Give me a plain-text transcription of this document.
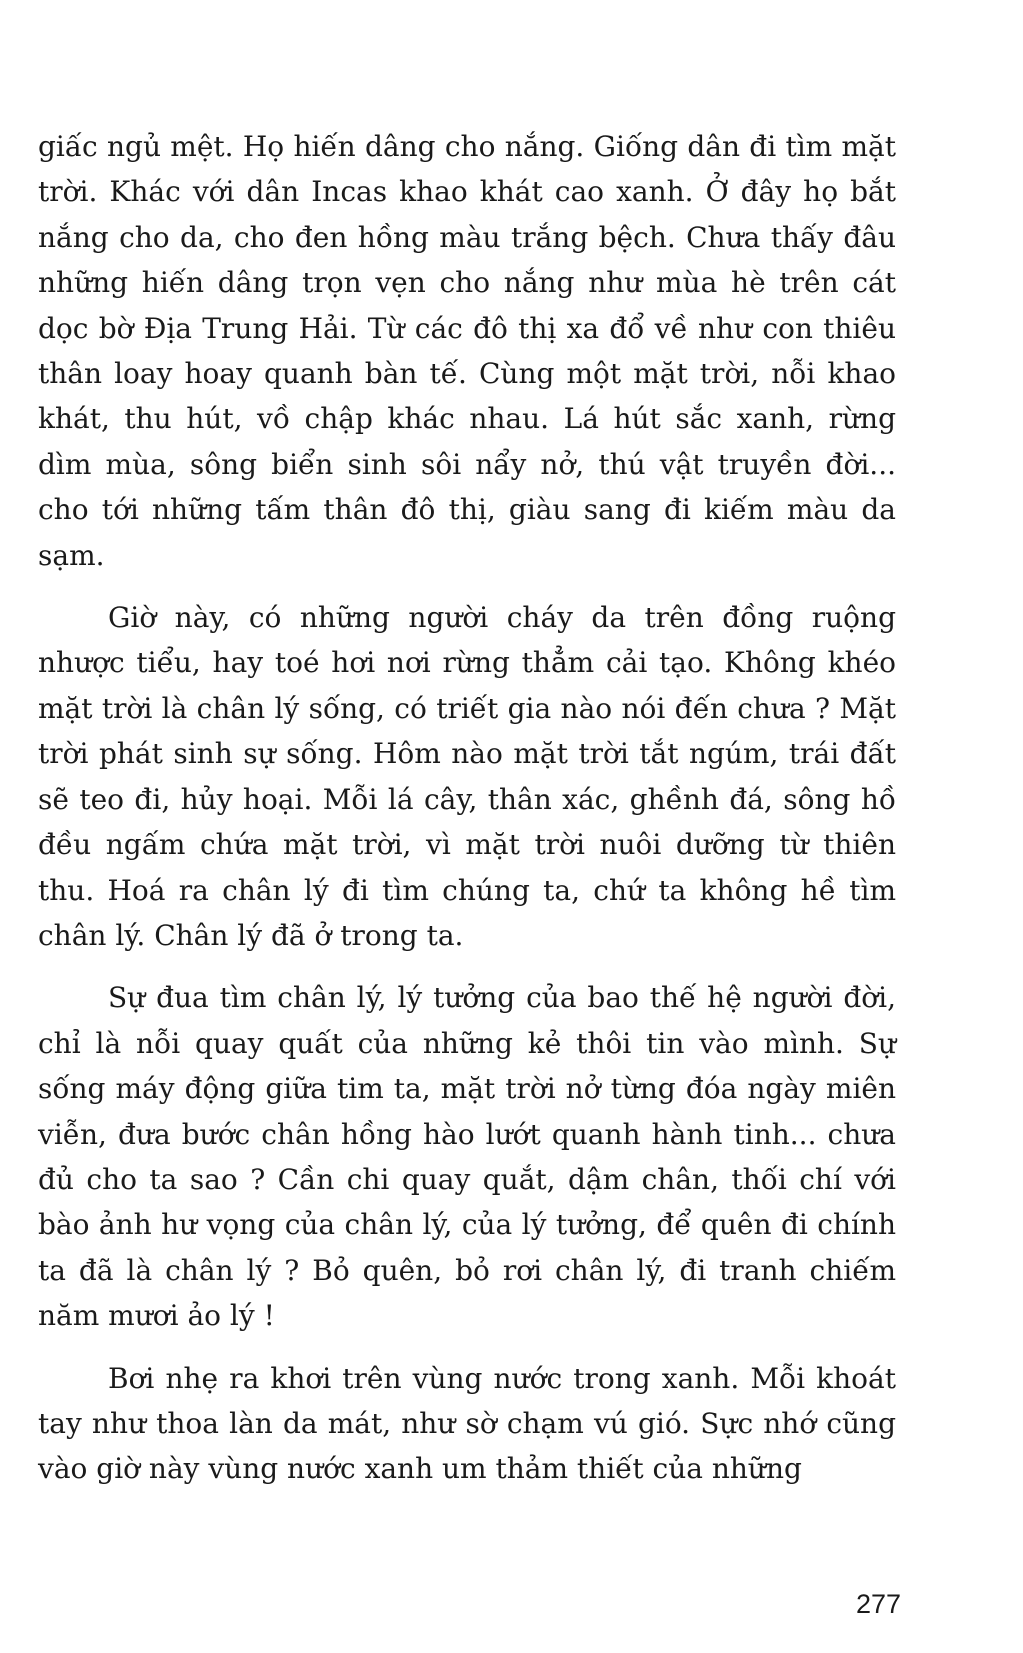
giấc ngủ mệt. Họ hiến dâng cho nắng. Giống dân đi tìm mặt trời. Khác với dân Incas khao khát cao xanh. Ở đây họ bắt nắng cho da, cho đen hồng màu trắng bệch. Chưa thấy đâu những hiến dâng trọn vẹn cho nắng như mùa hè trên cát dọc bờ Địa Trung Hải. Từ các đô thị xa đổ về như con thiêu thân loay hoay quanh bàn tế. Cùng một mặt trời, nỗi khao khát, thu hút, vồ chập khác nhau. Lá hút sắc xanh, rừng dìm mùa, sông biển sinh sôi nẩy nở, thú vật truyền đời... cho tới những tấm thân đô thị, giàu sang đi kiếm màu da sạm.

Giờ này, có những người cháy da trên đồng ruộng nhược tiểu, hay toé hơi nơi rừng thẳm cải tạo. Không khéo mặt trời là chân lý sống, có triết gia nào nói đến chưa ? Mặt trời phát sinh sự sống. Hôm nào mặt trời tắt ngúm, trái đất sẽ teo đi, hủy hoại. Mỗi lá cây, thân xác, ghềnh đá, sông hồ đều ngấm chứa mặt trời, vì mặt trời nuôi dưỡng từ thiên thu. Hoá ra chân lý đi tìm chúng ta, chứ ta không hề tìm chân lý. Chân lý đã ở trong ta.

Sự đua tìm chân lý, lý tưởng của bao thế hệ người đời, chỉ là nỗi quay quất của những kẻ thôi tin vào mình. Sự sống máy động giữa tim ta, mặt trời nở từng đóa ngày miên viễn, đưa bước chân hồng hào lướt quanh hành tinh... chưa đủ cho ta sao ? Cần chi quay quắt, dậm chân, thối chí với bào ảnh hư vọng của chân lý, của lý tưởng, để quên đi chính ta đã là chân lý ? Bỏ quên, bỏ rơi chân lý, đi tranh chiếm năm mươi ảo lý !

Bơi nhẹ ra khơi trên vùng nước trong xanh. Mỗi khoát tay như thoa làn da mát, như sờ chạm vú gió. Sực nhớ cũng vào giờ này vùng nước xanh um thảm thiết của những

277
